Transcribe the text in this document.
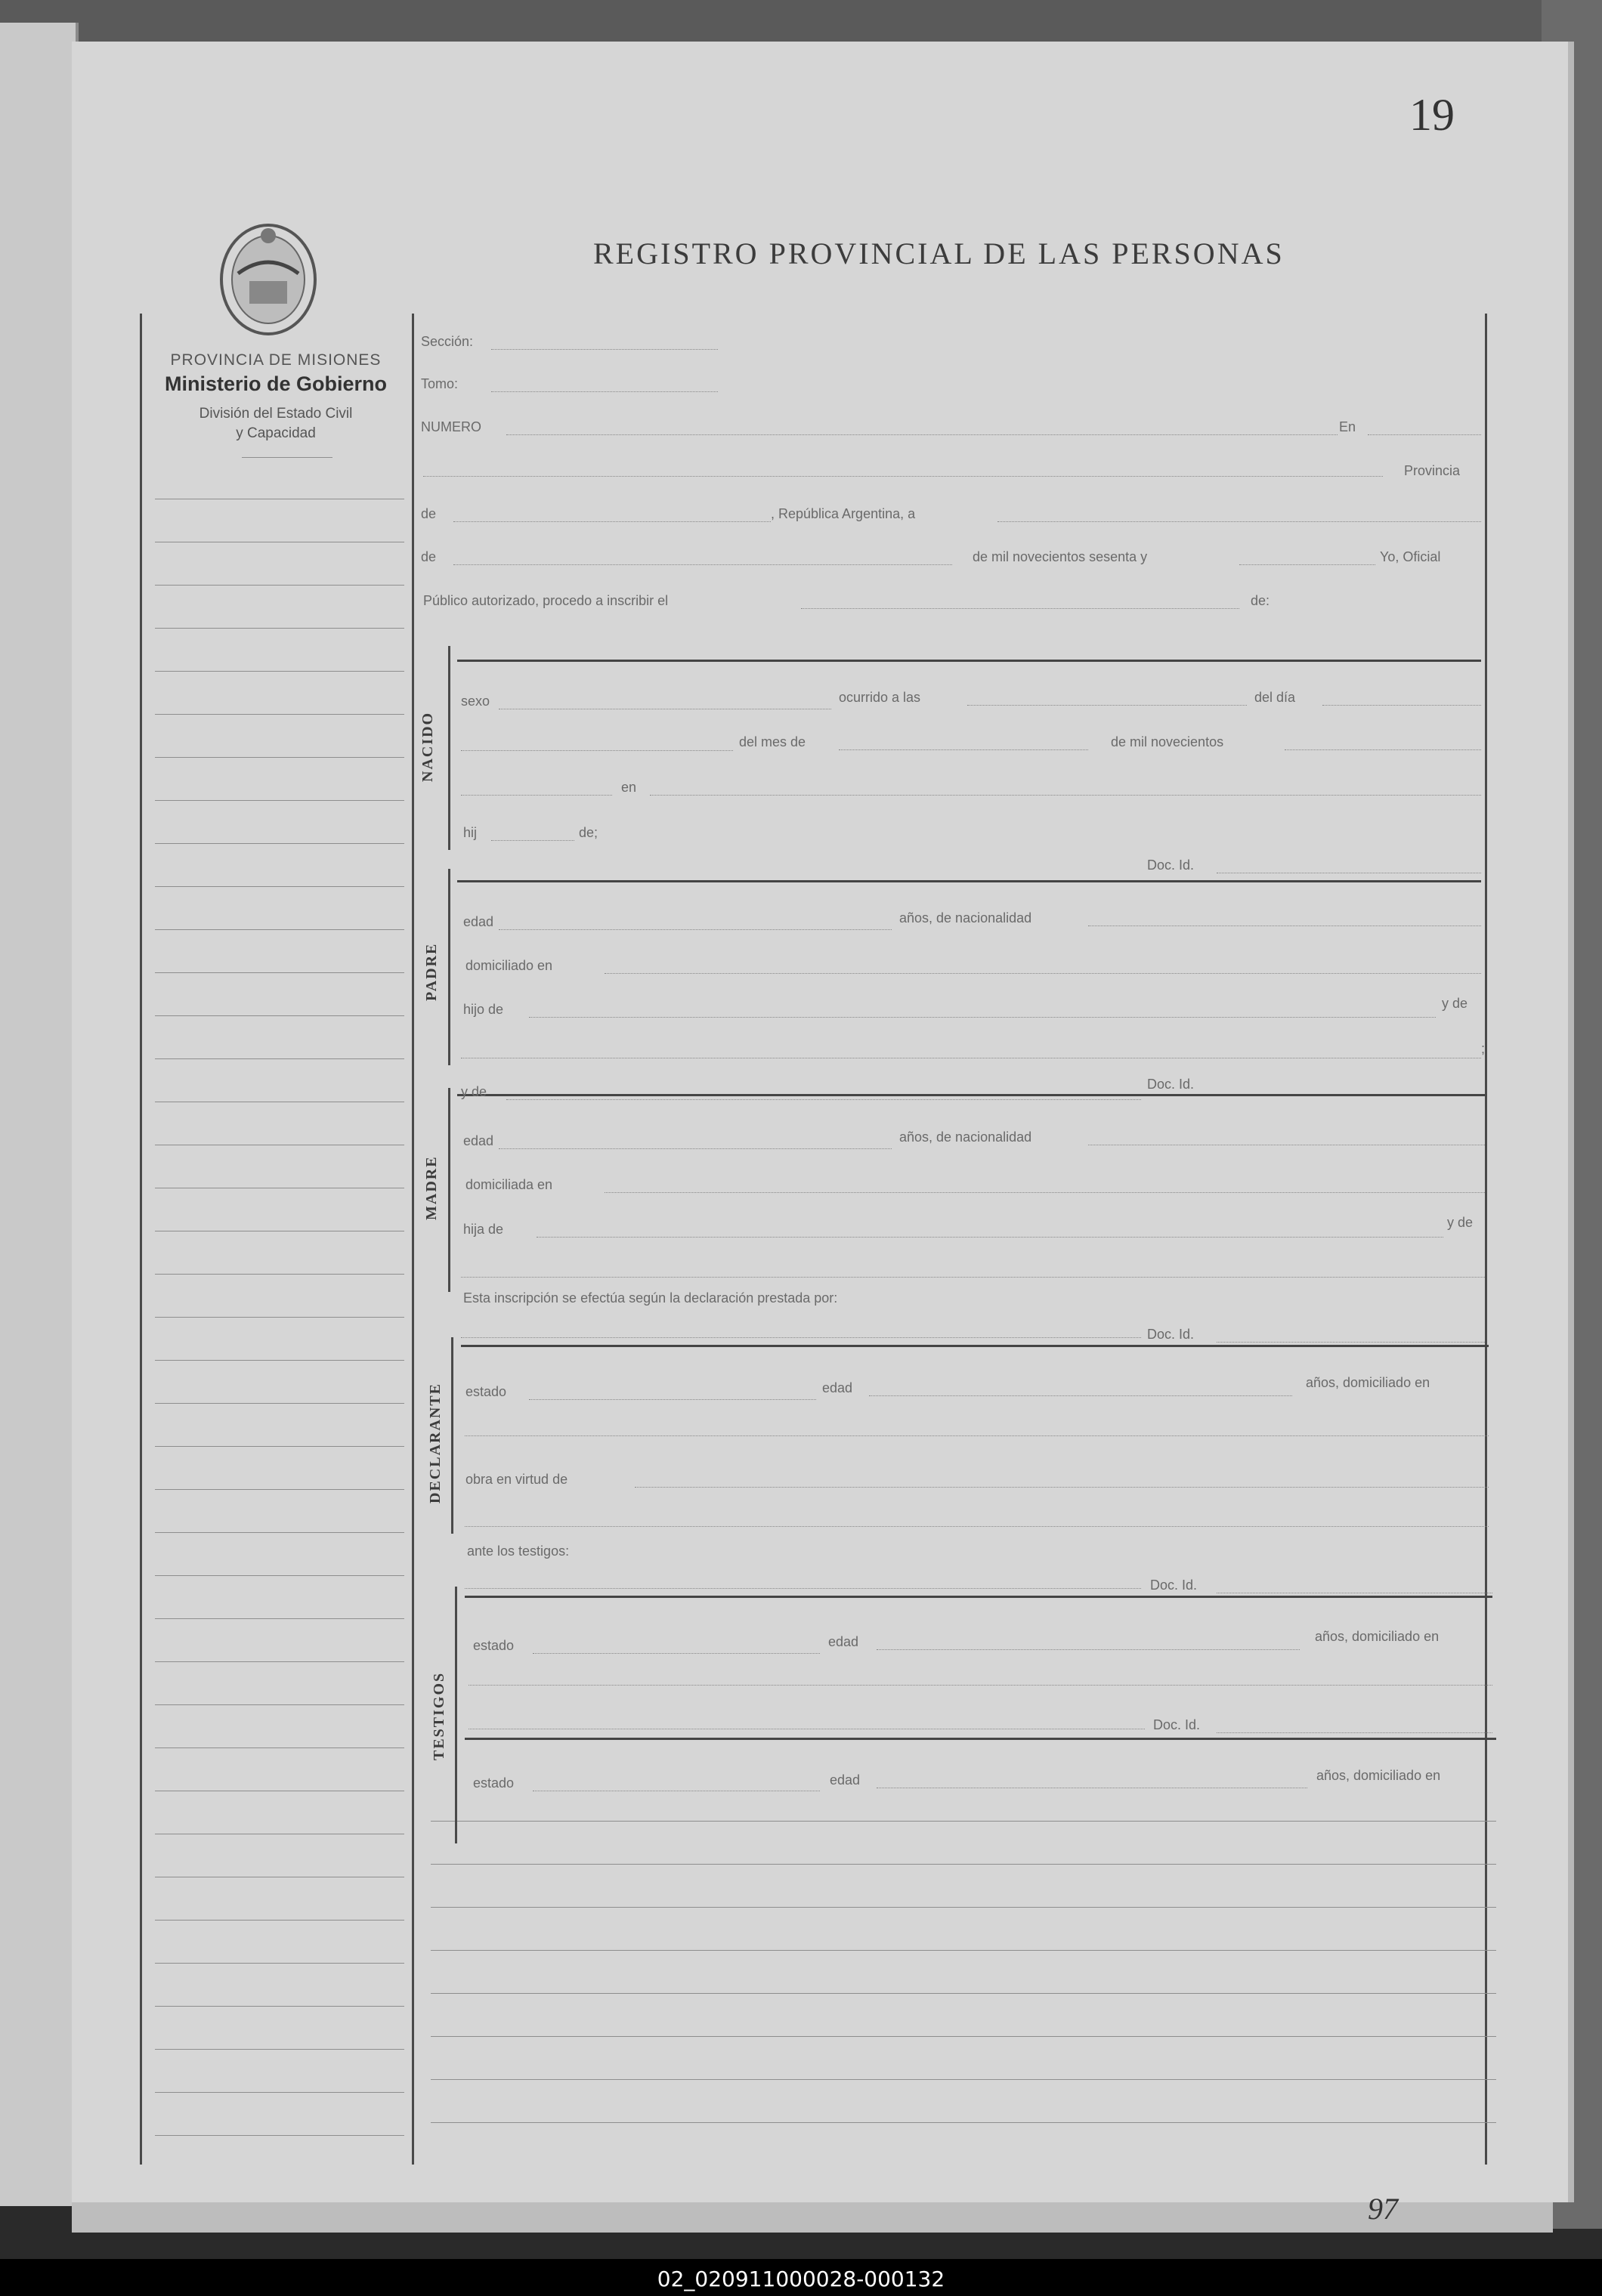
19
97
REGISTRO PROVINCIAL DE LAS PERSONAS
PROVINCIA DE MISIONES
Ministerio de Gobierno
División del Estado Civil
y Capacidad
Sección:
Tomo:
NUMERO	En
Provincia
de	, República Argentina, a
de	de mil novecientos sesenta y	Yo, Oficial
Público autorizado, procedo a inscribir el	de:
NACIDO
sexo	ocurrido a las	del día
del mes de	de mil novecientos
en
hij	de;
Doc. Id.
PADRE
edad	años, de nacionalidad
domiciliado en
hijo de	y de
;
MADRE
y de	Doc. Id.
edad	años, de nacionalidad
domiciliada en
hija de	y de
Esta inscripción se efectúa según la declaración prestada por:
Doc. Id.
DECLARANTE estado	edad	años, domiciliado en
obra en virtud de
ante los testigos:
Doc. Id.
TESTIGOS
estado	edad	años, domiciliado en
Doc. Id.
estado	edad	años, domiciliado en
02_020911000028-000132
